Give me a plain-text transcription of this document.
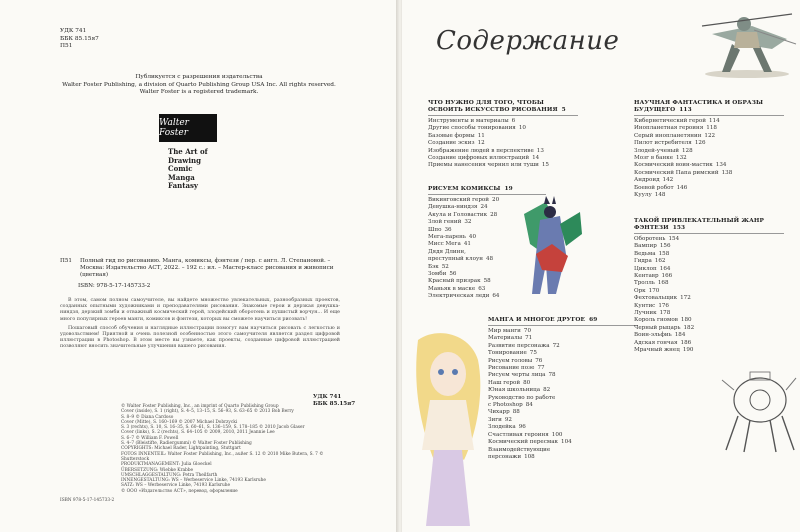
УДК 741
ББК 85.15я7
П51
Публикуется с разрешения издательства
Walter Foster Publishing, a division of Quarto Publishing Group USA Inc. All rights reserved.
Walter Foster is a registered trademark.
Walter Foster
The Art of
Drawing
Comic
Manga
Fantasy
П51 Полный гид по рисованию. Манга, комиксы, фэнтези / пер. с англ. Л. Степановой. – Москва: Издательство АСТ, 2022. – 192 с.: ил. – Мастер-класс рисования и живописи (цветная)
ISBN: 978-5-17-145733-2

В этом, самом полном самоучителе, вы найдете множество увлекательных, разнообразных проектов, созданных опытными художниками и преподавателями рисования. Знакомые герои и дерзкая девушка-ниндзя, дерзкий зомби и отважный космический герой, злодейский оборотень и пушистый ворчун... И еще много популярных героев манги, комиксов и фэнтези, которых вы сможете научиться рисовать!

Пошаговый способ обучения и наглядные иллюстрации помогут вам научиться рисовать с легкостью и удовольствием! Приятной и очень полезной особенностью этого самоучителя является раздел цифровой иллюстрации в Photoshop. В этом месте вы узнаете, как проекты, созданные цифровой иллюстрацией позволяют вносить значительные улучшения вашего рисования.

УДК 741
ББК 85.15я7
© Walter Foster Publishing, Inc., an imprint of Quarto Publishing Group
Cover (inside), S. 1 (right), S. 4–5, 13–15, S. 56–93, S. 63–65 © 2013 Bob Berry
S. 8–9 © Diana Cardoso
Cover (Mitte), S. 160–169 © 2007 Michael Dobrzycki
S. 3 (rechts), S. 10, S. 16–35, S. 60–61, S. 136–159, S. 178–185 © 2010 Jacob Glaser
Cover (links), S. 2 (rechts), S. 64–105 © 2009, 2010, 2011 Jeannie Lee
S. 6–7 © William F. Powell
S. 4–7 (Bleistifte, Radiergummi) © Walter Foster Publishing
COPYRIGHTS: Michael Rader, Lightpainting, Stuttgart
FOTOS INNENTEIL: Walter Foster Publishing, Inc., außer S. 12 © 2010 Mike Butera, S. 7 © Shutterstock
PRODUKTMANAGEMENT: Julia Gloeckel
ÜBERSETZUNG: Wiebke Krabbe
UMSCHLAGGESTALTUNG: Petra Theilfarth
INNENGESTALTUNG: WS – Werbeservice Linke, 74193 Karlsruhe
SATZ: WS – Werbeservice Linke, 74193 Karlsruhe
© ООО «Издательство АСТ», перевод, оформление
ISBN 978-5-17-145733-2
Содержание
ЧТО НУЖНО ДЛЯ ТОГО, ЧТОБЫ
ОСВОИТЬ ИСКУССТВО РИСОВАНИЯ 5
Инструменты и материалы 6
Другие способы тонирования 10
Базовые формы 11
Создание эскиз 12
Изображение людей в перспективе 13
Создание цифровых иллюстраций 14
Приемы нанесения чернил или туши 15
РИСУЕМ КОМИКСЫ 19
Викинговский герой 20
Девушка-ниндзя 24
Акула и Головастик 28
Злой гений 32
Шпо 36
Мега-парень 40
Мисс Мега 41
Дядя Длинн,
преступный клоун 48
Бэк 52
Зомби 56
Красный призрак 58
Маньяк в маске 63
Электрическая леди 64
МАНГА И МНОГОЕ ДРУГОЕ 69
Мир манги 70
Материалы 71
Развитие персонажа 72
Тонирование 75
Рисуем головы 76
Рисование позе 77
Рисуем черты лица 78
Наш герой 80
Юная школьница 82
Руководство по работе
с Photoshop 84
Чихарр 88
Зиги 92
Злодейка 96
Счастливая героиня 100
Космический пересмак 104
Взаимодействующие
персонажи 108
НАУЧНАЯ ФАНТАСТИКА И ОБРАЗЫ
БУДУЩЕГО 113
Кибернетический герой 114
Инопланетная героиня 118
Серый инопланетянин 122
Пилот истребителя 126
Злодей-ученый 128
Мозг в банке 132
Космический воин-мастик 134
Космический Папа римский 138
Андроид 142
Боевой робот 146
Куулу 148
ТАКОЙ ПРИВЛЕКАТЕЛЬНЫЙ ЖАНР
ФЭНТЕЗИ 153
Оборотень 154
Вампир 156
Ведьма 158
Гидра 162
Циклоп 164
Кентавр 166
Тролль 168
Орк 170
Фехтовальщик 172
Кунтис 176
Лучник 178
Король гномов 180
Черный рыцарь 182
Воин-эльфиь 184
Адская гончая 186
Мрачный жнец 190
